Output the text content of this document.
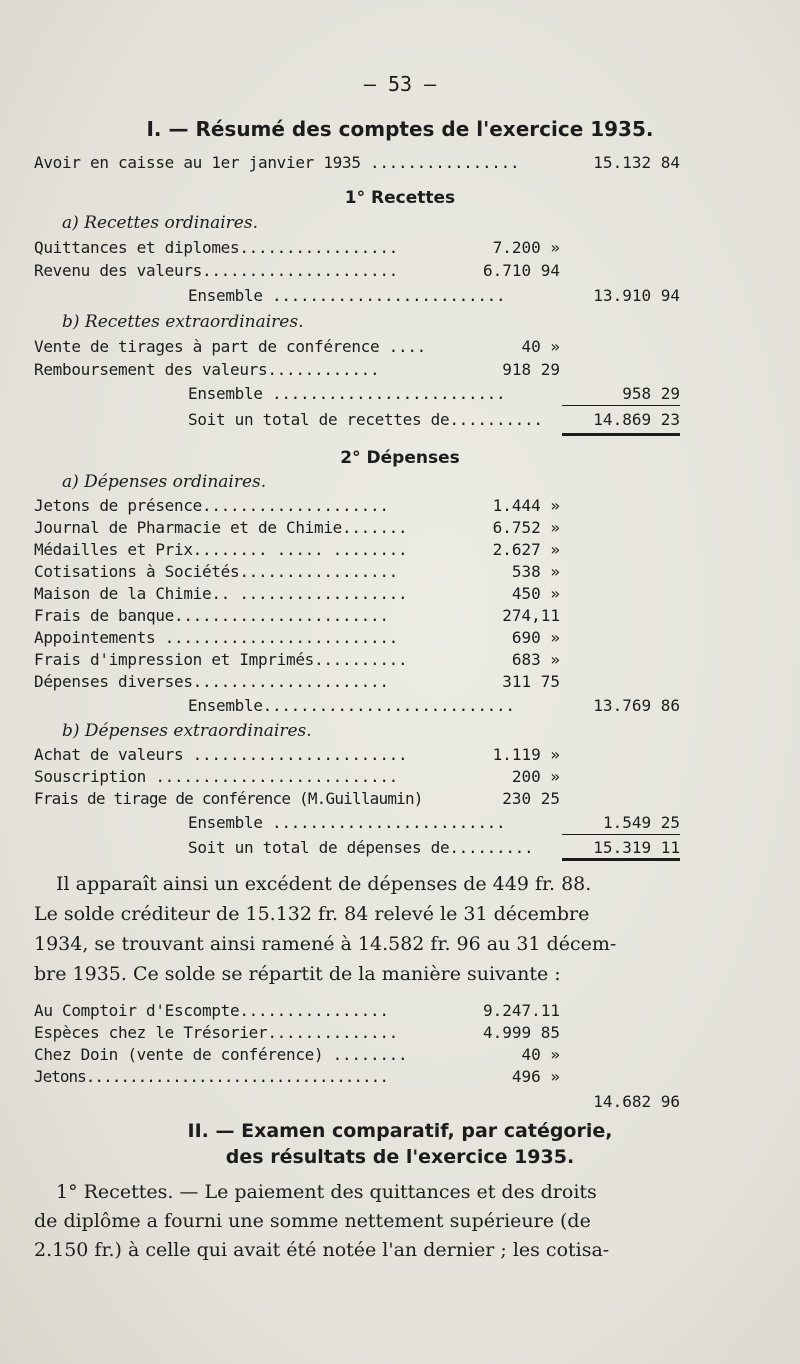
— 53 —
I. — Résumé des comptes de l'exercice 1935.
Avoir en caisse au 1er janvier 1935 ................	15.132 84
1° Recettes
a) Recettes ordinaires.
Quittances et diplomes.................	7.200 »
Revenu des valeurs.....................	6.710 94
Ensemble .........................	13.910 94
b) Recettes extraordinaires.
Vente de tirages à part de conférence ....	40 »
Remboursement des valeurs............	918 29
Ensemble .........................	958 29
Soit un total de recettes de..........	14.869 23
2° Dépenses
a) Dépenses ordinaires.
Jetons de présence....................	1.444 »
Journal de Pharmacie et de Chimie.......	6.752 »
Médailles et Prix........ ..... ........	2.627 »
Cotisations à Sociétés.................	538 »
Maison de la Chimie.. ..................	450 »
Frais de banque.......................	274,11
Appointements .........................	690 »
Frais d'impression et Imprimés..........	683 »
Dépenses diverses.....................	311 75
Ensemble...........................	13.769 86
b) Dépenses extraordinaires.
Achat de valeurs .......................	1.119 »
Souscription ..........................	200 »
Frais de tirage de conférence (M.Guillaumin)	230 25
Ensemble .........................	1.549 25
Soit un total de dépenses de.........	15.319 11
Il apparaît ainsi un excédent de dépenses de 449 fr. 88.
Le solde créditeur de 15.132 fr. 84 relevé le 31 décembre
1934, se trouvant ainsi ramené à 14.582 fr. 96 au 31 décem-
bre 1935. Ce solde se répartit de la manière suivante :
Au Comptoir d'Escompte................	9.247.11
Espèces chez le Trésorier..............	4.999 85
Chez Doin (vente de conférence) ........	40 »
Jetons...................................	496 »
14.682 96
II. — Examen comparatif, par catégorie,
des résultats de l'exercice 1935.
1° Recettes. — Le paiement des quittances et des droits
de diplôme a fourni une somme nettement supérieure (de
2.150 fr.) à celle qui avait été notée l'an dernier ; les cotisa-
